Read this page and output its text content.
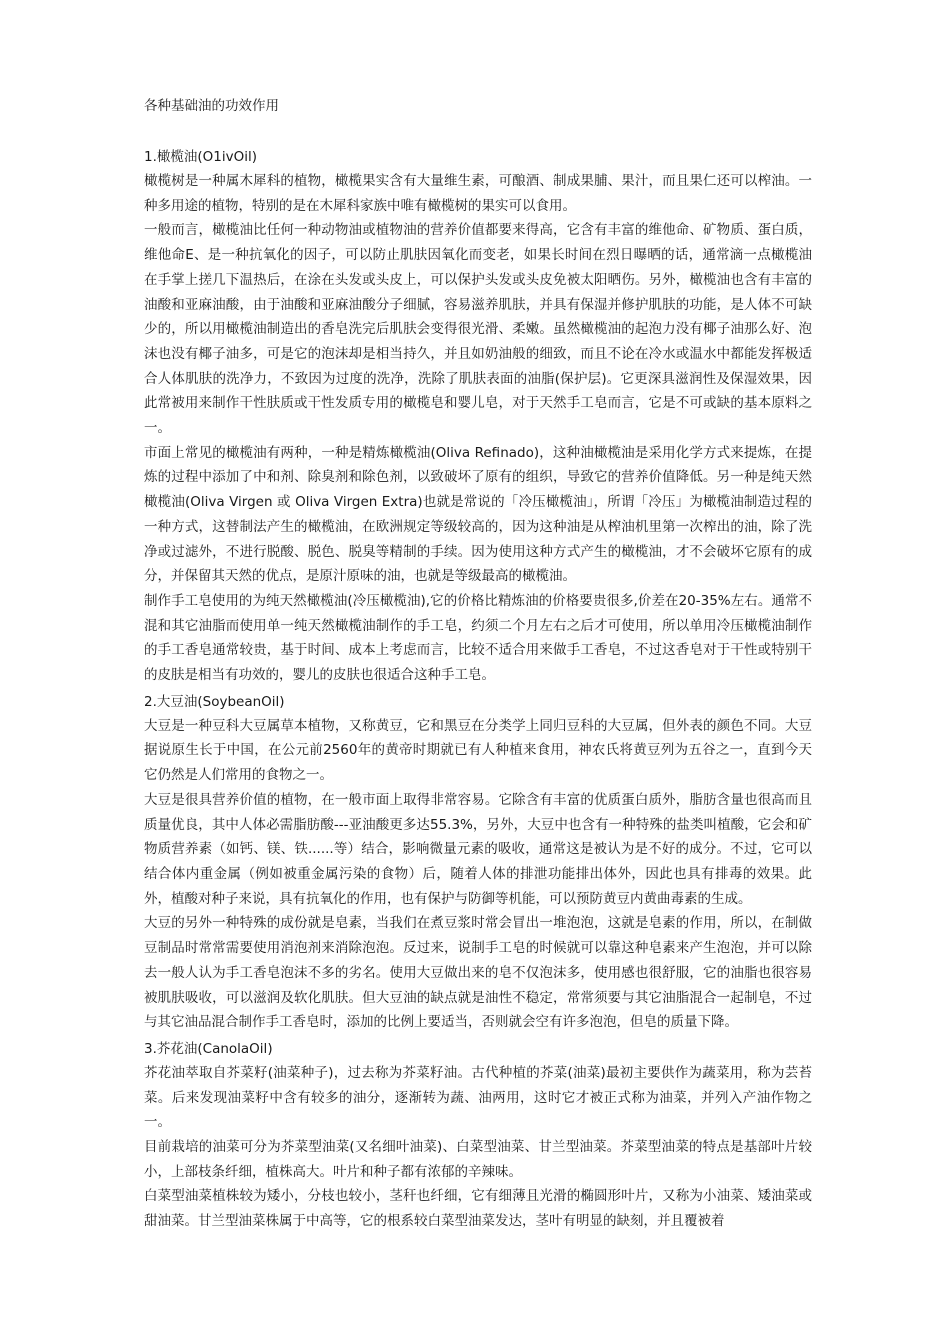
各种基础油的功效作用
1.橄榄油(O1ivOil)

橄榄树是一种属木犀科的植物，橄榄果实含有大量维生素，可酿酒、制成果脯、果汁，而且果仁还可以榨油。一种多用途的植物，特别的是在木犀科家族中唯有橄榄树的果实可以食用。

一般而言，橄榄油比任何一种动物油或植物油的营养价值都要来得高，它含有丰富的维他命、矿物质、蛋白质，维他命E、是一种抗氧化的因子，可以防止肌肤因氧化而变老，如果长时间在烈日曝晒的话，通常滴一点橄榄油在手掌上搓几下温热后，在涂在头发或头皮上，可以保护头发或头皮免被太阳晒伤。另外，橄榄油也含有丰富的油酸和亚麻油酸，由于油酸和亚麻油酸分子细腻，容易滋养肌肤，并具有保湿并修护肌肤的功能，是人体不可缺少的，所以用橄榄油制造出的香皂洗完后肌肤会变得很光滑、柔嫩。虽然橄榄油的起泡力没有椰子油那么好、泡沫也没有椰子油多，可是它的泡沫却是相当持久，并且如奶油般的细致，而且不论在冷水或温水中都能发挥极适合人体肌肤的洗净力，不致因为过度的洗净，洗除了肌肤表面的油脂(保护层)。它更深具滋润性及保湿效果，因此常被用来制作干性肤质或干性发质专用的橄榄皂和婴儿皂，对于天然手工皂而言，它是不可或缺的基本原料之一。

市面上常见的橄榄油有两种，一种是精炼橄榄油(Oliva Refinado)，这种油橄榄油是采用化学方式来提炼，在提炼的过程中添加了中和剂、除臭剂和除色剂，以致破坏了原有的组织，导致它的营养价值降低。另一种是纯天然橄榄油(Oliva Virgen 或 Oliva Virgen Extra)也就是常说的「冷压橄榄油」，所谓「冷压」为橄榄油制造过程的一种方式，这替制法产生的橄榄油，在欧洲规定等级较高的，因为这种油是从榨油机里第一次榨出的油，除了洗净或过滤外，不进行脱酸、脱色、脱臭等精制的手续。因为使用这种方式产生的橄榄油，才不会破坏它原有的成分，并保留其天然的优点，是原汁原味的油，也就是等级最高的橄榄油。

制作手工皂使用的为纯天然橄榄油(冷压橄榄油),它的价格比精炼油的价格要贵很多,价差在20-35%左右。通常不混和其它油脂而使用单一纯天然橄榄油制作的手工皂，约须二个月左右之后才可使用，所以单用冷压橄榄油制作的手工香皂通常较贵，基于时间、成本上考虑而言，比较不适合用来做手工香皂，不过这香皂对于干性或特别干的皮肤是相当有功效的，婴儿的皮肤也很适合这种手工皂。

2.大豆油(SoybeanOil)

大豆是一种豆科大豆属草本植物，又称黄豆，它和黑豆在分类学上同归豆科的大豆属，但外表的颜色不同。大豆据说原生长于中国，在公元前2560年的黄帝时期就已有人种植来食用，神农氏将黄豆列为五谷之一，直到今天它仍然是人们常用的食物之一。

大豆是很具营养价值的植物，在一般市面上取得非常容易。它除含有丰富的优质蛋白质外，脂肪含量也很高而且质量优良，其中人体必需脂肪酸---亚油酸更多达55.3%，另外，大豆中也含有一种特殊的盐类叫植酸，它会和矿物质营养素（如钙、镁、铁......等）结合，影响微量元素的吸收，通常这是被认为是不好的成分。不过，它可以结合体内重金属（例如被重金属污染的食物）后，随着人体的排泄功能排出体外，因此也具有排毒的效果。此外，植酸对种子来说，具有抗氧化的作用，也有保护与防御等机能，可以预防黄豆内黄曲毒素的生成。

大豆的另外一种特殊的成份就是皂素，当我们在煮豆浆时常会冒出一堆泡泡，这就是皂素的作用，所以，在制做豆制品时常常需要使用消泡剂来消除泡泡。反过来，说制手工皂的时候就可以靠这种皂素来产生泡泡，并可以除去一般人认为手工香皂泡沫不多的劣名。使用大豆做出来的皂不仅泡沫多，使用感也很舒服，它的油脂也很容易被肌肤吸收，可以滋润及软化肌肤。但大豆油的缺点就是油性不稳定，常常须要与其它油脂混合一起制皂，不过与其它油品混合制作手工香皂时，添加的比例上要适当，否则就会空有许多泡泡，但皂的质量下降。

3.芥花油(CanolaOil)

芥花油萃取自芥菜籽(油菜种子)，过去称为芥菜籽油。古代种植的芥菜(油菜)最初主要供作为蔬菜用，称为芸苔菜。后来发现油菜籽中含有较多的油分，逐渐转为蔬、油两用，这时它才被正式称为油菜，并列入产油作物之一。

目前栽培的油菜可分为芥菜型油菜(又名细叶油菜)、白菜型油菜、甘兰型油菜。芥菜型油菜的特点是基部叶片较小，上部枝条纤细，植株高大。叶片和种子都有浓郁的辛辣味。

白菜型油菜植株较为矮小，分枝也较小，茎秆也纤细，它有细薄且光滑的椭圆形叶片，又称为小油菜、矮油菜或甜油菜。甘兰型油菜株属于中高等，它的根系较白菜型油菜发达，茎叶有明显的缺刻，并且覆被着
